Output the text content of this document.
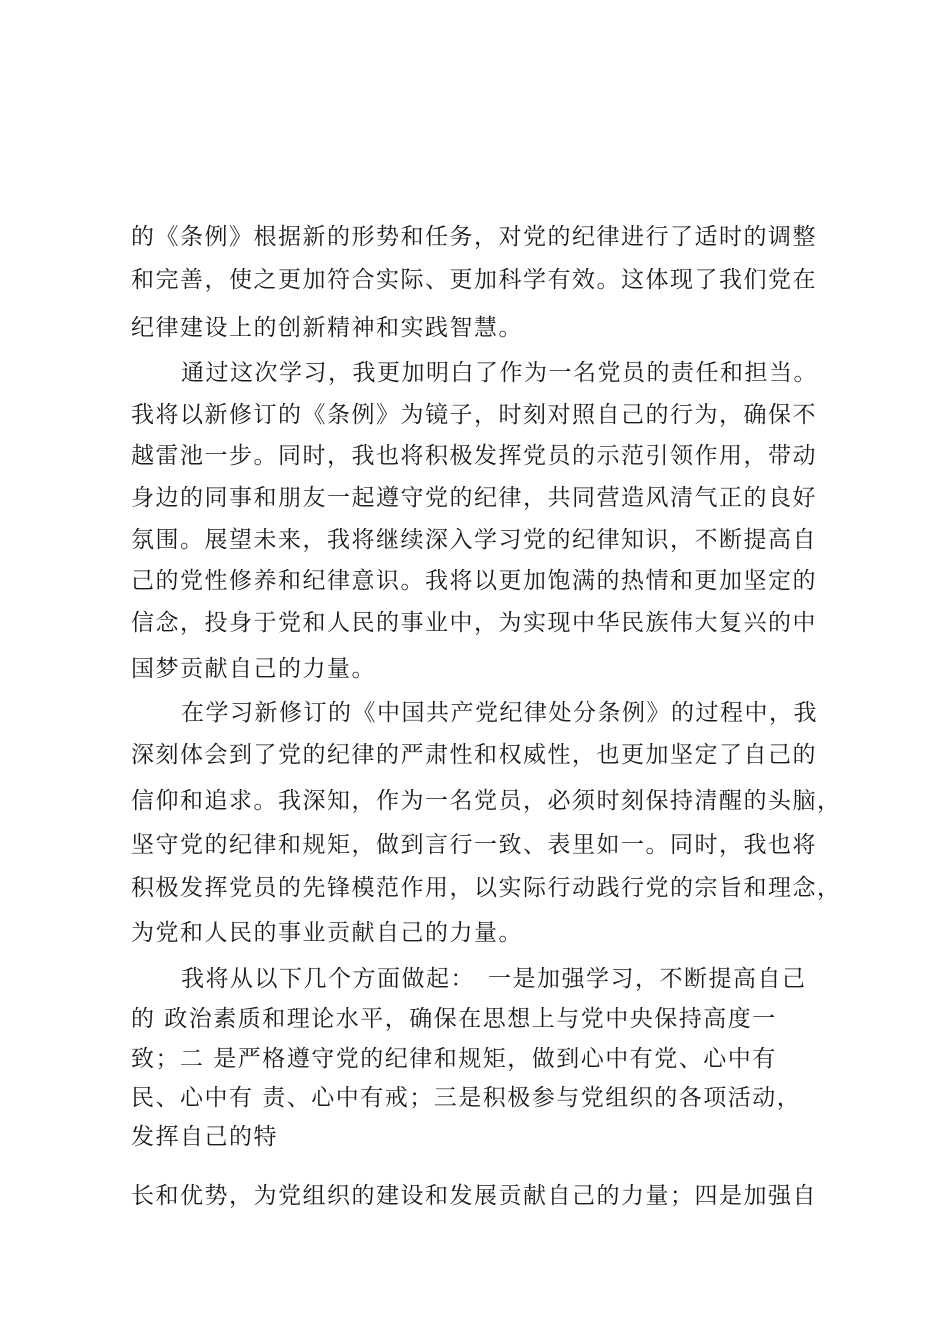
的《条例》根据新的形势和任务，对党的纪律进行了适时的调整

和完善，使之更加符合实际、更加科学有效。这体现了我们党在

纪律建设上的创新精神和实践智慧。

通过这次学习，我更加明白了作为一名党员的责任和担当。

我将以新修订的《条例》为镜子，时刻对照自己的行为，确保不

越雷池一步。同时，我也将积极发挥党员的示范引领作用，带动

身边的同事和朋友一起遵守党的纪律，共同营造风清气正的良好

氛围。展望未来，我将继续深入学习党的纪律知识，不断提高自

己的党性修养和纪律意识。我将以更加饱满的热情和更加坚定的

信念，投身于党和人民的事业中，为实现中华民族伟大复兴的中

国梦贡献自己的力量。

在学习新修订的《中国共产党纪律处分条例》的过程中，我

深刻体会到了党的纪律的严肃性和权威性，也更加坚定了自己的

信仰和追求。我深知，作为一名党员，必须时刻保持清醒的头脑，

坚守党的纪律和规矩，做到言行一致、表里如一。同时，我也将

积极发挥党员的先锋模范作用，以实际行动践行党的宗旨和理念，

为党和人民的事业贡献自己的力量。

我将从以下几个方面做起：　一是加强学习，不断提高自己

的 政治素质和理论水平，确保在思想上与党中央保持高度一

致；二 是严格遵守党的纪律和规矩，做到心中有党、心中有

民、心中有 责、心中有戒；三是积极参与党组织的各项活动，

发挥自己的特

长和优势，为党组织的建设和发展贡献自己的力量；四是加强自
